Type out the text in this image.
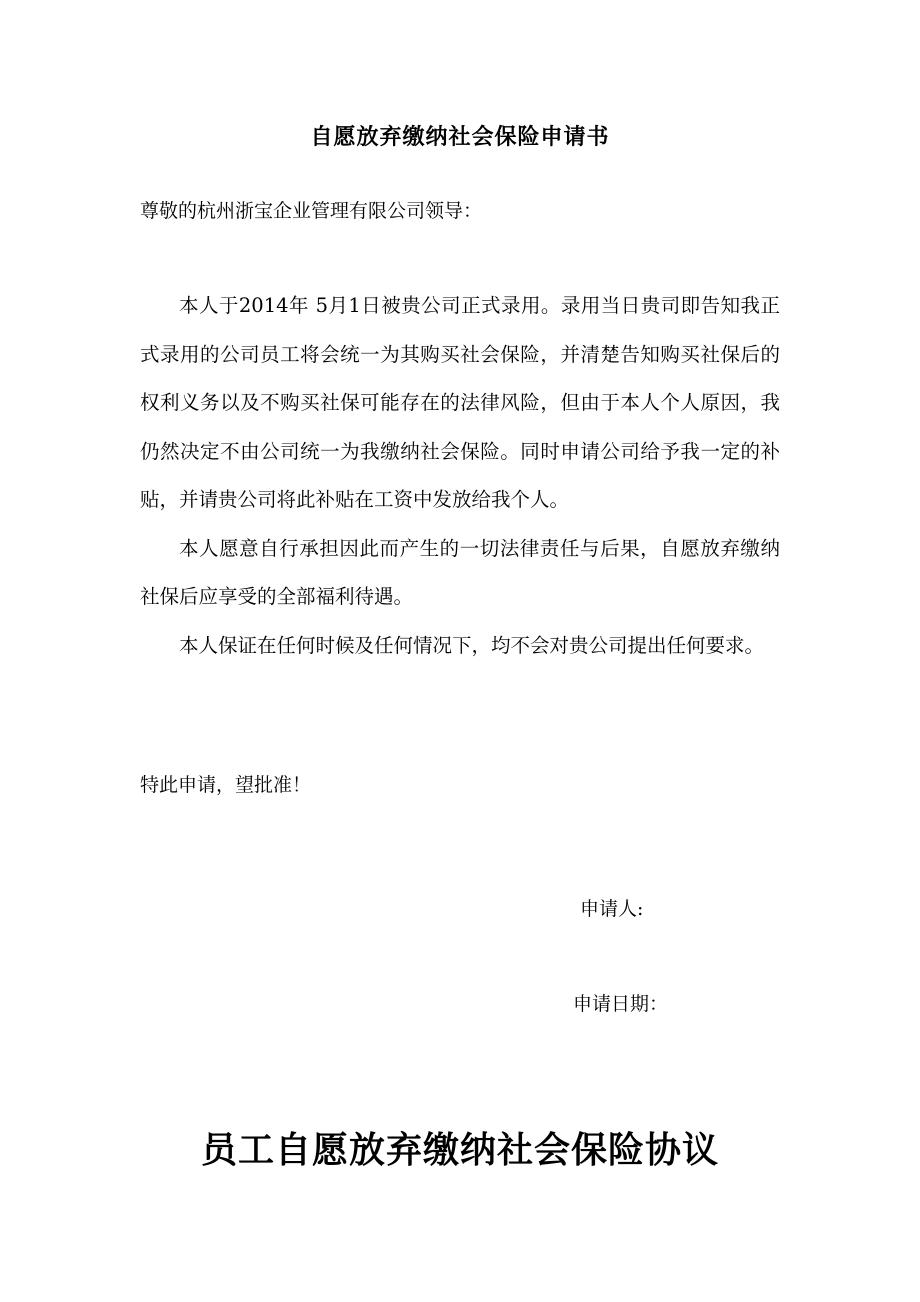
自愿放弃缴纳社会保险申请书
尊敬的杭州浙宝企业管理有限公司领导：

本人于2014年 5月1日被贵公司正式录用。录用当日贵司即告知我正式录用的公司员工将会统一为其购买社会保险，并清楚告知购买社保后的权利义务以及不购买社保可能存在的法律风险，但由于本人个人原因，我仍然决定不由公司统一为我缴纳社会保险。同时申请公司给予我一定的补贴，并请贵公司将此补贴在工资中发放给我个人。

本人愿意自行承担因此而产生的一切法律责任与后果，自愿放弃缴纳社保后应享受的全部福利待遇。

本人保证在任何时候及任何情况下，均不会对贵公司提出任何要求。

特此申请，望批准！
申请人:
申请日期：
员工自愿放弃缴纳社会保险协议
